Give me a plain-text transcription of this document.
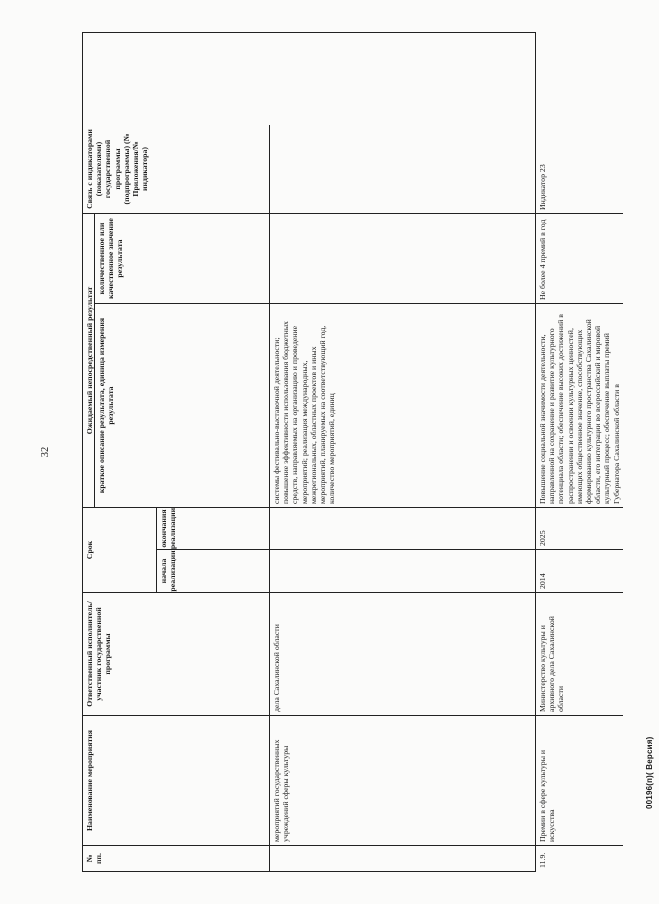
32
№ пп.
Наименование мероприятия
Ответственный исполнитель/участник государственной программы
Срок
Ожидаемый непосредственный результат
Связь с индикаторами (показателями) государственной программы (подпрограммы) (№ Приложения/№ индикатора)
краткое описание результата, единица измерения результата
количественное или качественное значение результата
начала реализации
окончания реализации
мероприятий государственных учреждений сферы культуры
дела Сахалинской области
системы фестивально-выставочной деятельности; повышение эффективности использования бюджетных средств, направляемых на организацию и проведение мероприятий; реализация международных, межрегиональных, областных проектов и иных мероприятий, планируемых на соответствующий год, количество мероприятий, единиц
11.9.
Премии в сфере культуры и искусства
Министерство культуры и архивного дела Сахалинской области
2014
2025
Повышение социальной значимости деятельности, направленной на сохранение и развитие культурного потенциала области; обеспечение высоких достижений в распространении и освоении культурных ценностей, имеющих общественное значение, способствующих формированию культурного пространства Сахалинской области, его интеграции во всероссийский и мировой культурный процесс; обеспечение выплаты премий Губернатора Сахалинской области в
Не более 4 премий в год
Индикатор 23
00196(п)( Версия)
